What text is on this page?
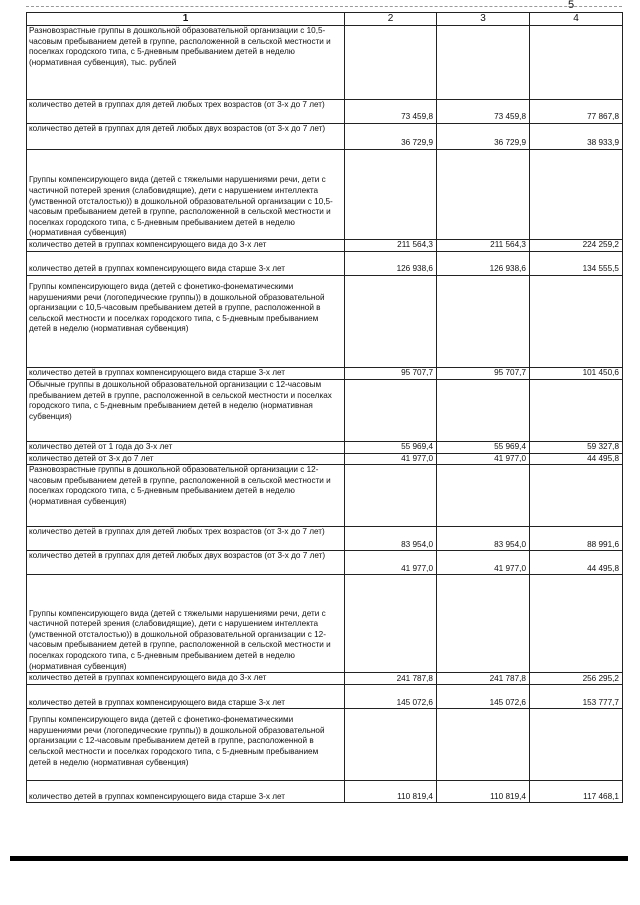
5
1	2	3	4
Разновозрастные группы в дошкольной образовательной организации с 10,5-часовым пребыванием детей в группе, расположенной в сельской местности и поселках городского типа, с 5-дневным пребыванием детей в неделю (нормативная субвенция), тыс. рублей			
количество детей в группах для детей любых трех возрастов (от 3-х до 7 лет)	73 459,8	73 459,8	77 867,8
количество детей в группах для детей любых двух возрастов (от 3-х до 7 лет)	36 729,9	36 729,9	38 933,9
Группы компенсирующего вида (детей с тяжелыми нарушениями речи, дети с частичной потерей зрения (слабовидящие), дети с нарушением интеллекта (умственной отсталостью)) в дошкольной образовательной организации с 10,5-часовым пребыванием детей в группе, расположенной в сельской местности и поселках городского типа, с 5-дневным пребыванием детей в неделю (нормативная субвенция)			
количество детей в группах компенсирующего вида до 3-х лет	211 564,3	211 564,3	224 259,2
количество детей в группах компенсирующего вида старше 3-х лет	126 938,6	126 938,6	134 555,5
Группы компенсирующего вида (детей с фонетико-фонематическими нарушениями речи (логопедические группы)) в дошкольной образовательной организации с 10,5-часовым пребыванием детей в группе, расположенной в сельской местности и поселках городского типа, с 5-дневным пребыванием детей в неделю (нормативная субвенция)			
количество детей в группах компенсирующего вида старше 3-х лет	95 707,7	95 707,7	101 450,6
Обычные группы в дошкольной образовательной организации с 12-часовым пребыванием детей в группе, расположенной в сельской местности и поселках городского типа, с 5-дневным пребыванием детей в неделю (нормативная субвенция)			
количество детей от 1 года до 3-х лет	55 969,4	55 969,4	59 327,8
количество детей от 3-х до 7 лет	41 977,0	41 977,0	44 495,8
Разновозрастные группы в дошкольной образовательной организации с 12-часовым пребыванием детей в группе, расположенной в сельской местности и поселках городского типа, с 5-дневным пребыванием детей в неделю (нормативная субвенция)			
количество детей в группах для детей любых трех возрастов (от 3-х до 7 лет)	83 954,0	83 954,0	88 991,6
количество детей в группах для детей любых двух возрастов (от 3-х до 7 лет)	41 977,0	41 977,0	44 495,8
Группы компенсирующего вида (детей с тяжелыми нарушениями речи, дети с частичной потерей зрения (слабовидящие), дети с нарушением интеллекта (умственной отсталостью)) в дошкольной образовательной организации с 12-часовым пребыванием детей в группе, расположенной в сельской местности и поселках городского типа, с 5-дневным пребыванием детей в неделю (нормативная субвенция)			
количество детей в группах компенсирующего вида до 3-х лет	241 787,8	241 787,8	256 295,2
количество детей в группах компенсирующего вида старше 3-х лет	145 072,6	145 072,6	153 777,7
Группы компенсирующего вида (детей с фонетико-фонематическими нарушениями речи (логопедические группы)) в дошкольной образовательной организации с 12-часовым пребыванием детей в группе, расположенной в сельской местности и поселках городского типа, с 5-дневным пребыванием детей в неделю (нормативная субвенция)			
количество детей в группах компенсирующего вида старше 3-х лет	110 819,4	110 819,4	117 468,1
